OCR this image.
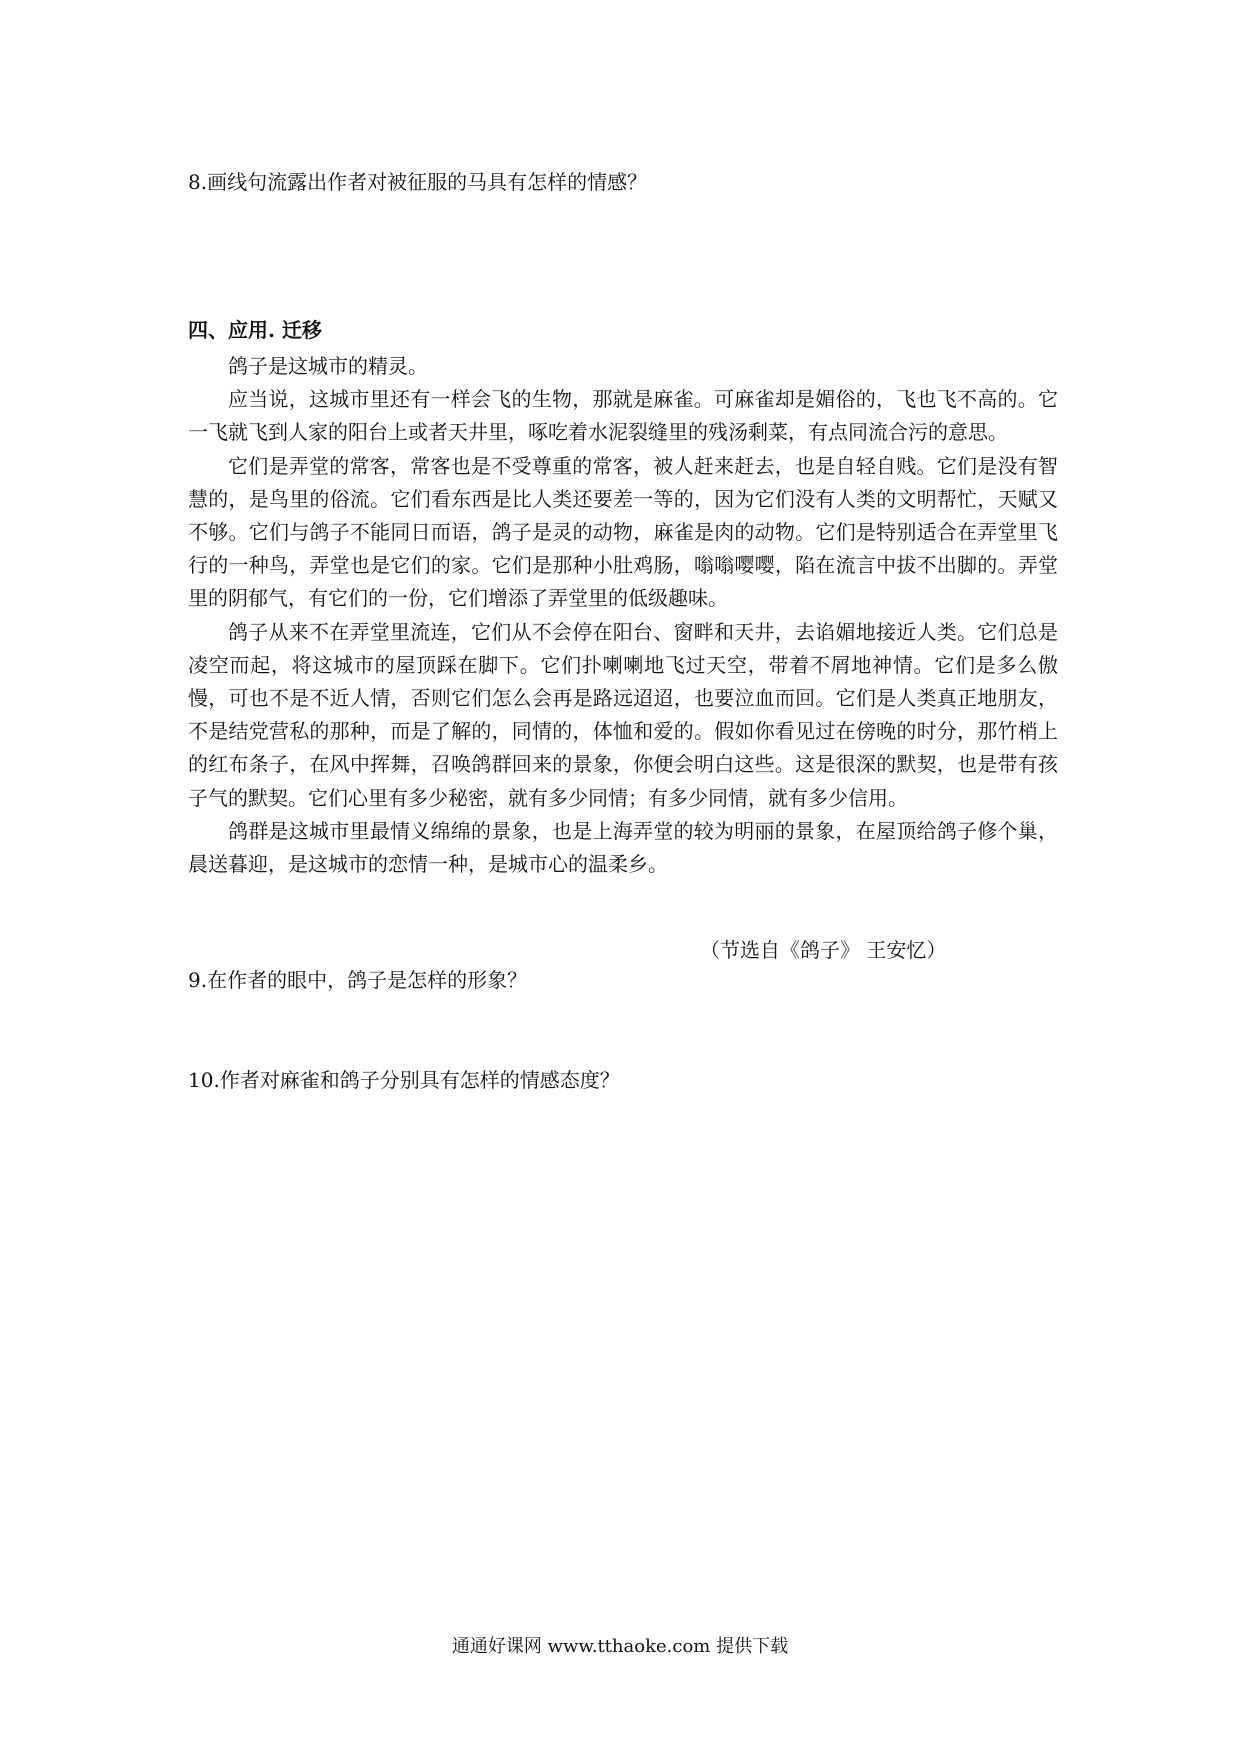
8.画线句流露出作者对被征服的马具有怎样的情感？
四、应用. 迁移

鸽子是这城市的精灵。

应当说，这城市里还有一样会飞的生物，那就是麻雀。可麻雀却是媚俗的，飞也飞不高的。它一飞就飞到人家的阳台上或者天井里，啄吃着水泥裂缝里的残汤剩菜，有点同流合污的意思。

它们是弄堂的常客，常客也是不受尊重的常客，被人赶来赶去，也是自轻自贱。它们是没有智慧的，是鸟里的俗流。它们看东西是比人类还要差一等的，因为它们没有人类的文明帮忙，天赋又不够。它们与鸽子不能同日而语，鸽子是灵的动物，麻雀是肉的动物。它们是特别适合在弄堂里飞行的一种鸟，弄堂也是它们的家。它们是那种小肚鸡肠，嗡嗡嘤嘤，陷在流言中拔不出脚的。弄堂里的阴郁气，有它们的一份，它们增添了弄堂里的低级趣味。

鸽子从来不在弄堂里流连，它们从不会停在阳台、窗畔和天井，去谄媚地接近人类。它们总是凌空而起，将这城市的屋顶踩在脚下。它们扑喇喇地飞过天空，带着不屑地神情。它们是多么傲慢，可也不是不近人情，否则它们怎么会再是路远迢迢，也要泣血而回。它们是人类真正地朋友，不是结党营私的那种，而是了解的，同情的，体恤和爱的。假如你看见过在傍晚的时分，那竹梢上的红布条子，在风中挥舞，召唤鸽群回来的景象，你便会明白这些。这是很深的默契，也是带有孩子气的默契。它们心里有多少秘密，就有多少同情；有多少同情，就有多少信用。

鸽群是这城市里最情义绵绵的景象，也是上海弄堂的较为明丽的景象，在屋顶给鸽子修个巢，晨送暮迎，是这城市的恋情一种，是城市心的温柔乡。

（节选自《鸽子》 王安忆）
9.在作者的眼中，鸽子是怎样的形象？
10.作者对麻雀和鸽子分别具有怎样的情感态度？
通通好课网 www.tthaoke.com 提供下载
